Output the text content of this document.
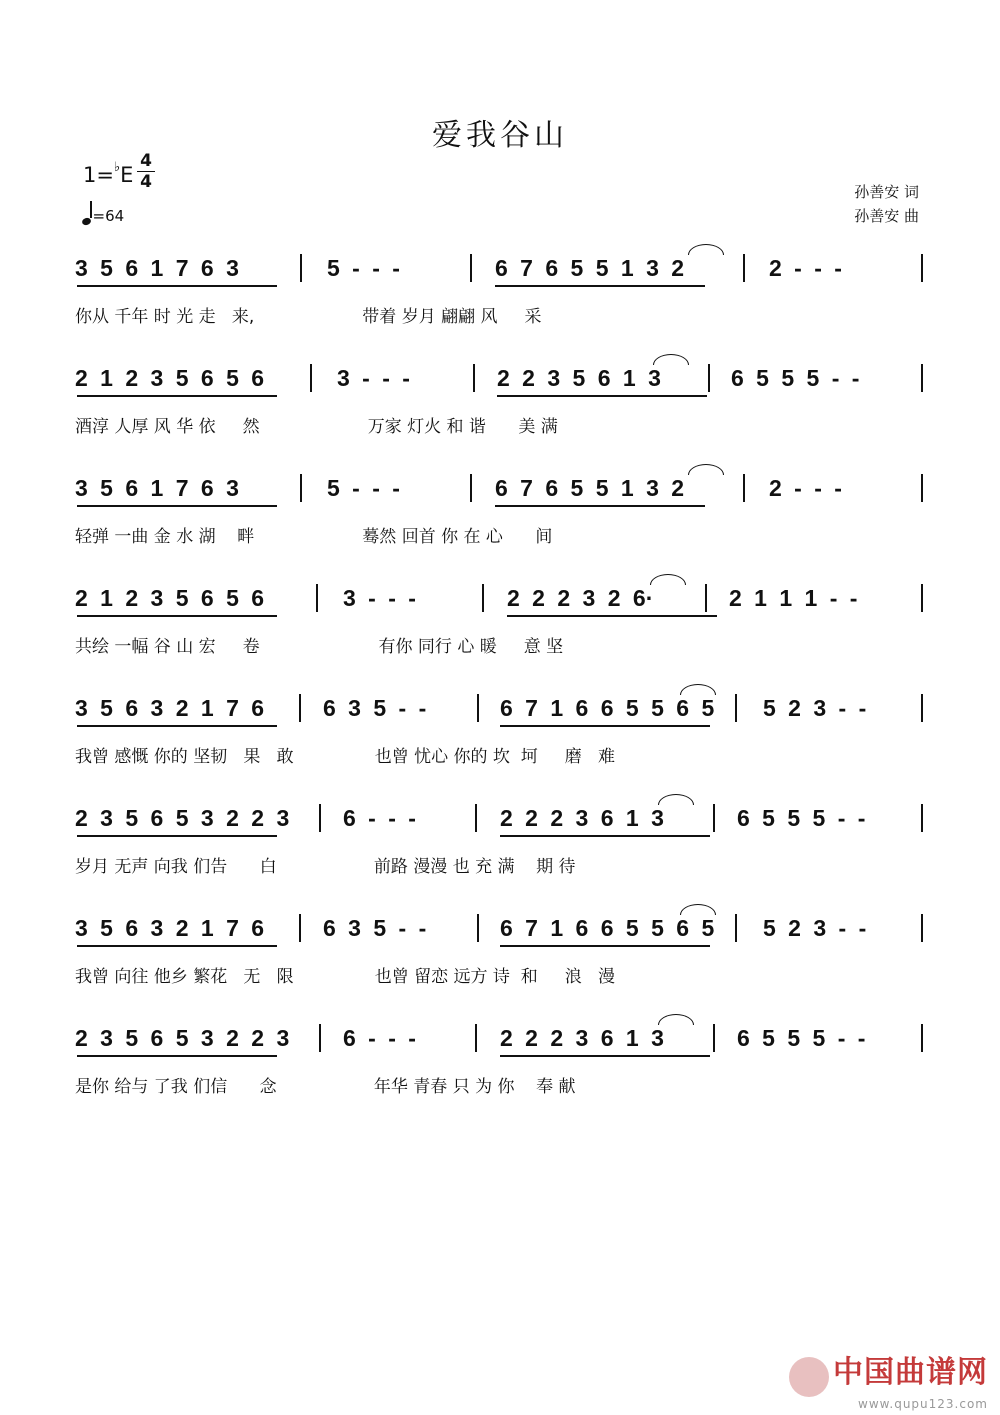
爱我谷山
1=♭E
4
4
=64
孙善安 词
孙善安 曲
3 5 6 1 7 6 3	5 - - -	6 7 6 5 5 1 3 2	2 - - -
你从 千年 时 光 走   来,                    带着 岁月 翩翩 风     采
2 1 2 3 5 6 5 6	3 - - -	2 2 3 5 6 1 3	6 5 5 5 - -
酒淳 人厚 风 华 依     然                    万家 灯火 和 谐      美 满
3 5 6 1 7 6 3	5 - - -	6 7 6 5 5 1 3 2	2 - - -
轻弹 一曲 金 水 湖    畔                    蓦然 回首 你 在 心      间
2 1 2 3 5 6 5 6	3 - - -	2 2 2 3 2 6·	2 1 1 1 - -
共绘 一幅 谷 山 宏     卷                      有你 同行 心 暖     意 坚
3 5 6 3 2 1 7 6	6 3 5 - -	6 7 1 6 6 5 5 6 5 5 2 3 - -
我曾 感慨 你的 坚韧   果   敢               也曾 忧心 你的 坎  坷     磨   难
2 3 5 6 5 3 2 2 3 6 - - -	2 2 2 3 6 1 3	6 5 5 5 - -
岁月 无声 向我 们告      白                  前路 漫漫 也 充 满    期 待
3 5 6 3 2 1 7 6	6 3 5 - -	6 7 1 6 6 5 5 6 5 5 2 3 - -
我曾 向往 他乡 繁花   无   限               也曾 留恋 远方 诗  和     浪   漫
2 3 5 6 5 3 2 2 3 6 - - -	2 2 2 3 6 1 3	6 5 5 5 - -
是你 给与 了我 们信      念                  年华 青春 只 为 你    奉 献
中国曲谱网
www.qupu123.com
